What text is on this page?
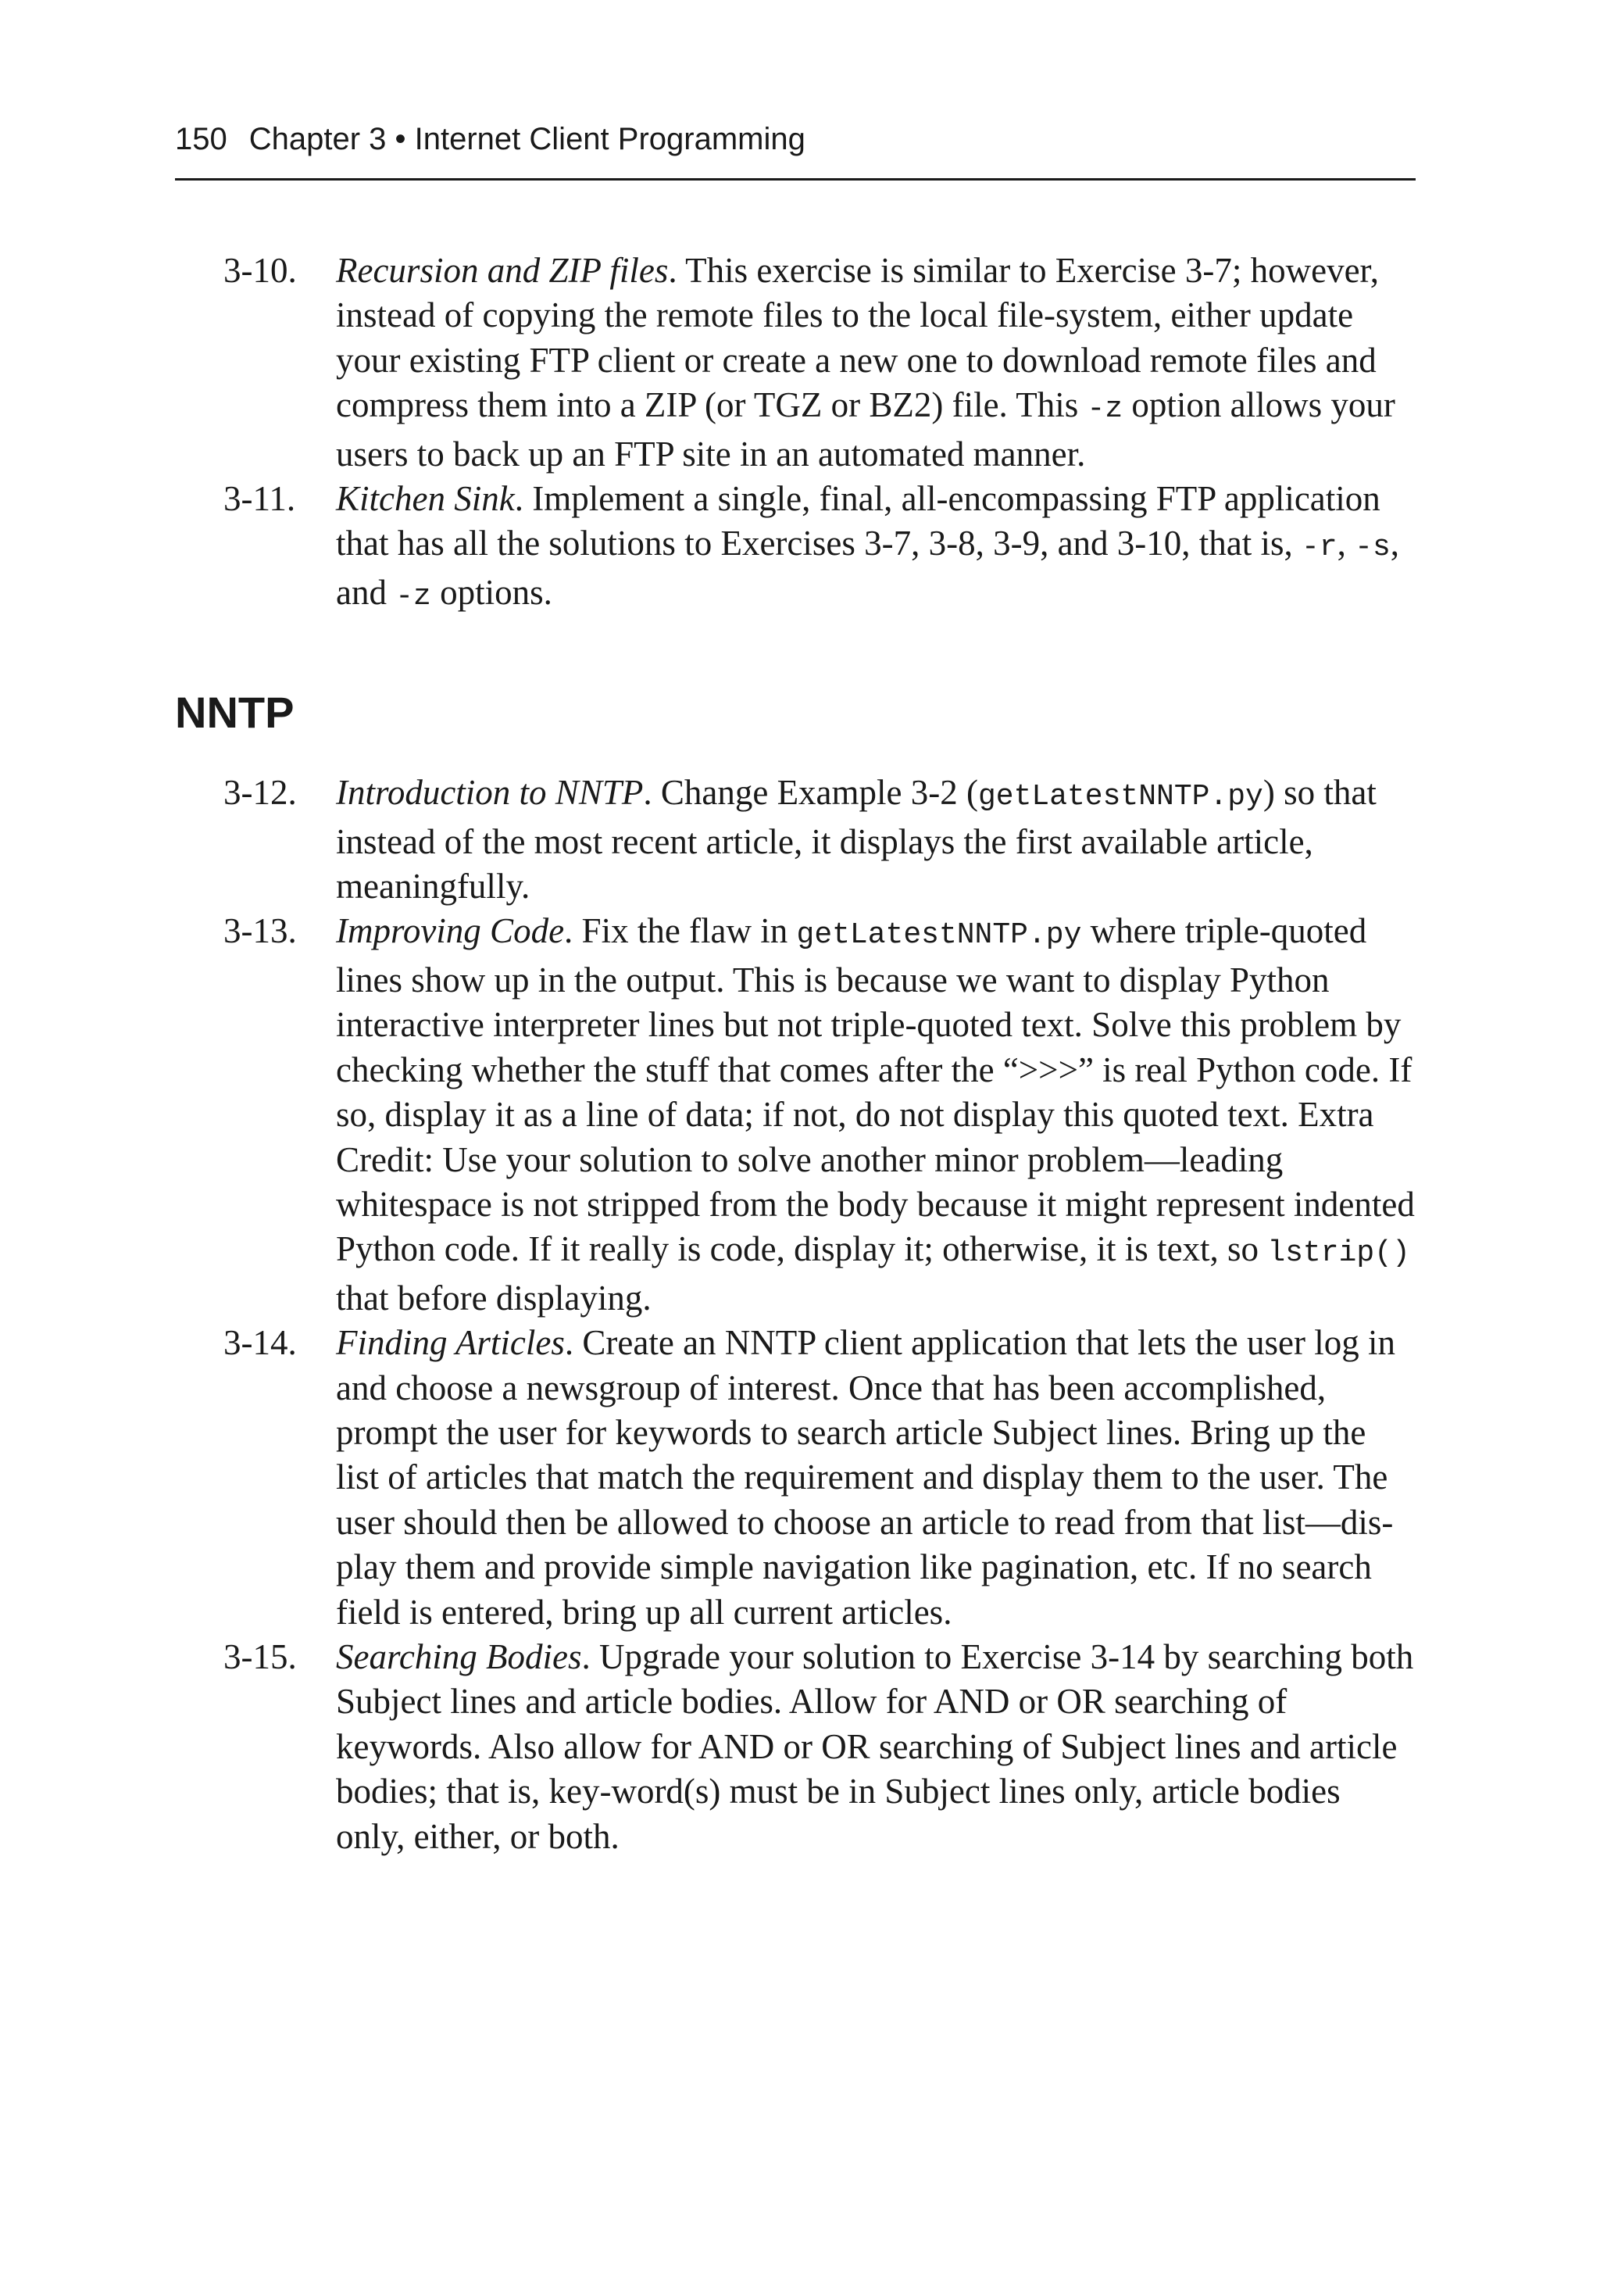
150 Chapter 3 • Internet Client Programming
3-10. Recursion and ZIP files. This exercise is similar to Exercise 3-7; however, instead of copying the remote files to the local file-system, either update your existing FTP client or create a new one to download remote files and compress them into a ZIP (or TGZ or BZ2) file. This -z option allows your users to back up an FTP site in an automated manner.
3-11. Kitchen Sink. Implement a single, final, all-encompassing FTP application that has all the solutions to Exercises 3-7, 3-8, 3-9, and 3-10, that is, -r, -s, and -z options.
NNTP
3-12. Introduction to NNTP. Change Example 3-2 (getLatestNNTP.py) so that instead of the most recent article, it displays the first available article, meaningfully.
3-13. Improving Code. Fix the flaw in getLatestNNTP.py where triple-quoted lines show up in the output. This is because we want to display Python interactive interpreter lines but not triple-quoted text. Solve this problem by checking whether the stuff that comes after the “>>>” is real Python code. If so, display it as a line of data; if not, do not display this quoted text. Extra Credit: Use your solution to solve another minor problem—leading whitespace is not stripped from the body because it might represent indented Python code. If it really is code, display it; otherwise, it is text, so lstrip() that before displaying.
3-14. Finding Articles. Create an NNTP client application that lets the user log in and choose a newsgroup of interest. Once that has been accomplished, prompt the user for keywords to search article Subject lines. Bring up the list of articles that match the requirement and display them to the user. The user should then be allowed to choose an article to read from that list—dis-play them and provide simple navigation like pagination, etc. If no search field is entered, bring up all current articles.
3-15. Searching Bodies. Upgrade your solution to Exercise 3-14 by searching both Subject lines and article bodies. Allow for AND or OR searching of keywords. Also allow for AND or OR searching of Subject lines and article bodies; that is, key-word(s) must be in Subject lines only, article bodies only, either, or both.
